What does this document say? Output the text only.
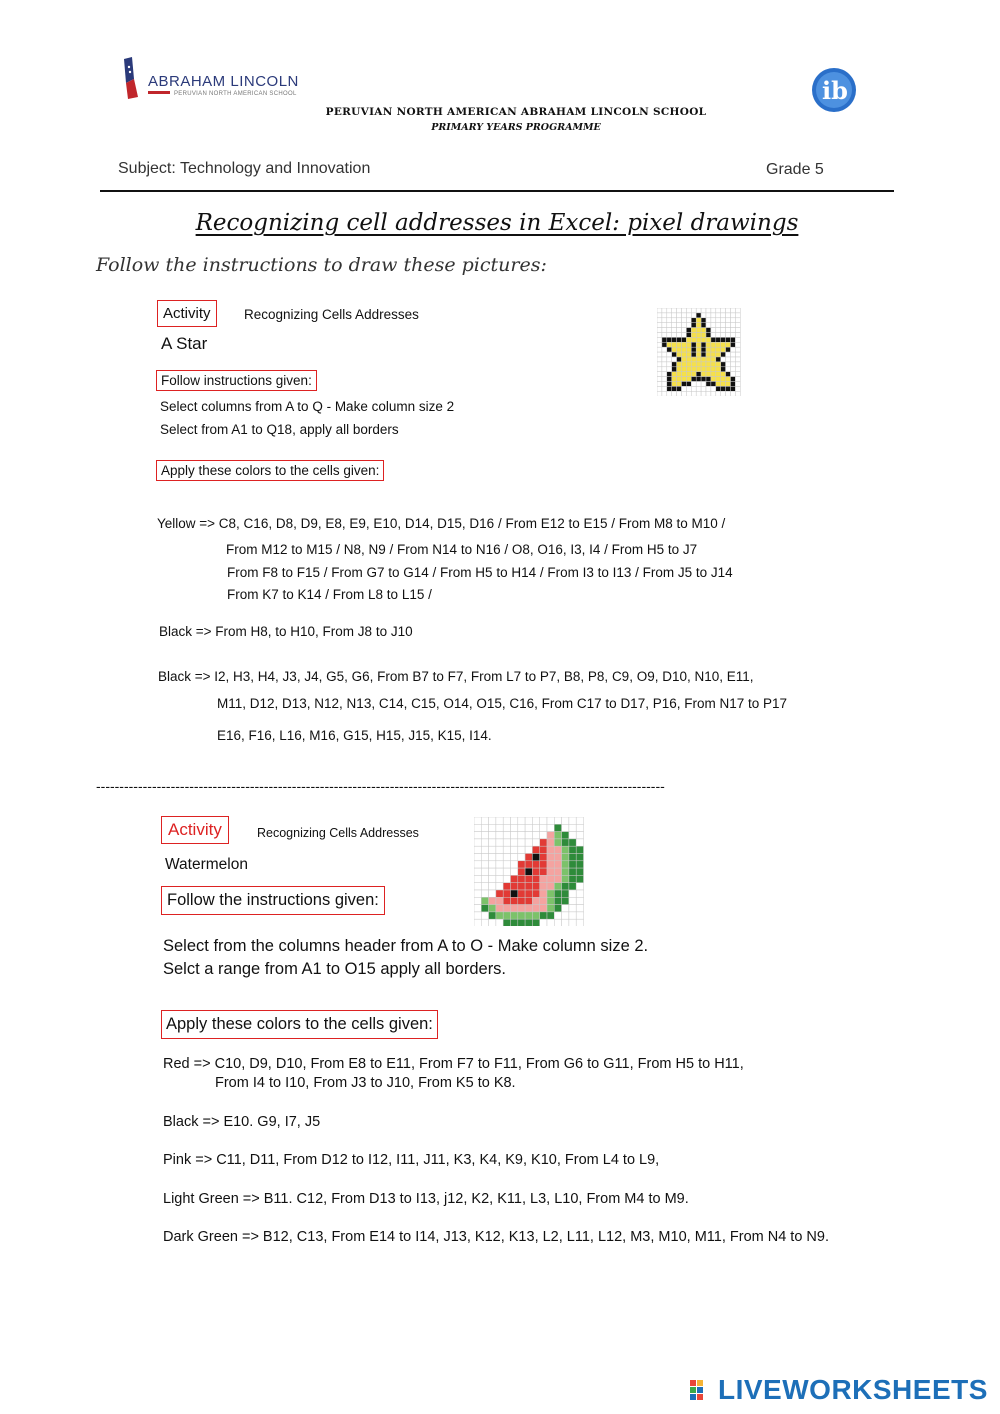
ABRAHAM LINCOLN
PERUVIAN NORTH AMERICAN SCHOOL	ib
PERUVIAN NORTH AMERICAN ABRAHAM LINCOLN SCHOOL
PRIMARY YEARS PROGRAMME
Subject: Technology and Innovation	Grade 5
Recognizing cell addresses in Excel: pixel drawings
Follow the instructions to draw these pictures:
Activity	Recognizing Cells Addresses
A Star
Follow instructions given:
Select columns from A to Q - Make column size 2
Select from A1 to Q18, apply all borders
Apply these colors to the cells given:
Yellow => C8, C16, D8, D9, E8, E9, E10, D14, D15, D16 / From E12 to E15 / From M8 to M10 /
From M12 to M15 / N8, N9 / From N14 to N16 / O8, O16, I3, I4 / From H5 to J7
From F8 to F15 / From G7 to G14 / From H5 to H14 / From I3 to I13 / From J5 to J14
From K7 to K14 / From L8 to L15 /
Black => From H8, to H10, From J8 to J10
Black => I2, H3, H4, J3, J4, G5, G6, From B7 to F7, From L7 to P7, B8, P8, C9, O9, D10, N10, E11,
M11, D12, D13, N12, N13, C14, C15, O14, O15, C16, From C17 to D17, P16, From N17 to P17
E16, F16, L16, M16, G15, H15, J15, K15, I14.
--------------------------------------------------------------------------------------------------------------------------
Activity	Recognizing Cells Addresses
Watermelon
Follow the instructions given:
Select from the columns header from A to O - Make column size 2.
Selct a range from A1 to O15 apply all borders.
Apply these colors to the cells given:
Red => C10, D9, D10, From E8 to E11, From F7 to F11, From G6 to G11, From H5 to H11,
From I4 to I10, From J3 to J10, From K5 to K8.
Black => E10. G9, I7, J5
Pink => C11, D11, From D12 to I12, I11, J11, K3, K4, K9, K10, From L4 to L9,
Light Green => B11. C12, From D13 to I13, j12, K2, K11, L3, L10, From M4 to M9.
Dark Green => B12, C13, From E14 to I14, J13, K12, K13, L2, L11, L12, M3, M10, M11, From N4 to N9.
LIVEWORKSHEETS
